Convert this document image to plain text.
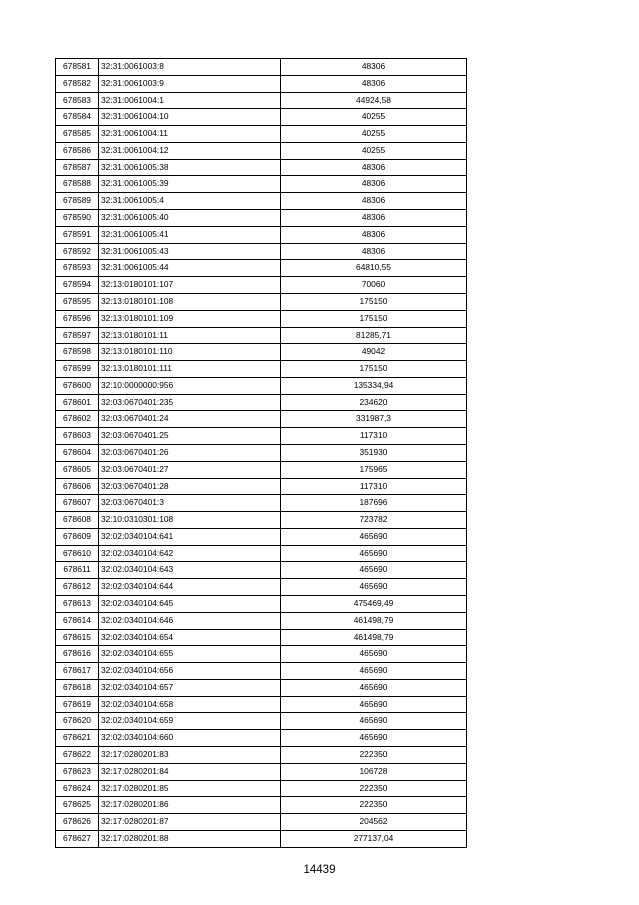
678581	32:31:0061003:8	48306
678582	32:31:0061003:9	48306
678583	32:31:0061004:1	44924,58
678584	32:31:0061004:10	40255
678585	32:31:0061004:11	40255
678586	32:31:0061004:12	40255
678587	32:31:0061005:38	48306
678588	32:31:0061005:39	48306
678589	32:31:0061005:4	48306
678590	32:31:0061005:40	48306
678591	32:31:0061005:41	48306
678592	32:31:0061005:43	48306
678593	32:31:0061005:44	64810,55
678594	32:13:0180101:107	70060
678595	32:13:0180101:108	175150
678596	32:13:0180101:109	175150
678597	32:13:0180101:11	81285,71
678598	32:13:0180101:110	49042
678599	32:13:0180101:111	175150
678600	32:10:0000000:956	135334,94
678601	32:03:0670401:235	234620
678602	32:03:0670401:24	331987,3
678603	32:03:0670401:25	117310
678604	32:03:0670401:26	351930
678605	32:03:0670401:27	175965
678606	32:03:0670401:28	117310
678607	32:03:0670401:3	187696
678608	32:10:0310301:108	723782
678609	32:02:0340104:641	465690
678610	32:02:0340104:642	465690
678611	32:02:0340104:643	465690
678612	32:02:0340104:644	465690
678613	32:02:0340104:645	475469,49
678614	32:02:0340104:646	461498,79
678615	32:02:0340104:654	461498,79
678616	32:02:0340104:655	465690
678617	32:02:0340104:656	465690
678618	32:02:0340104:657	465690
678619	32:02:0340104:658	465690
678620	32:02:0340104:659	465690
678621	32:02:0340104:660	465690
678622	32:17:0280201:83	222350
678623	32:17:0280201:84	106728
678624	32:17:0280201:85	222350
678625	32:17:0280201:86	222350
678626	32:17:0280201:87	204562
678627	32:17:0280201:88	277137,04
14439
